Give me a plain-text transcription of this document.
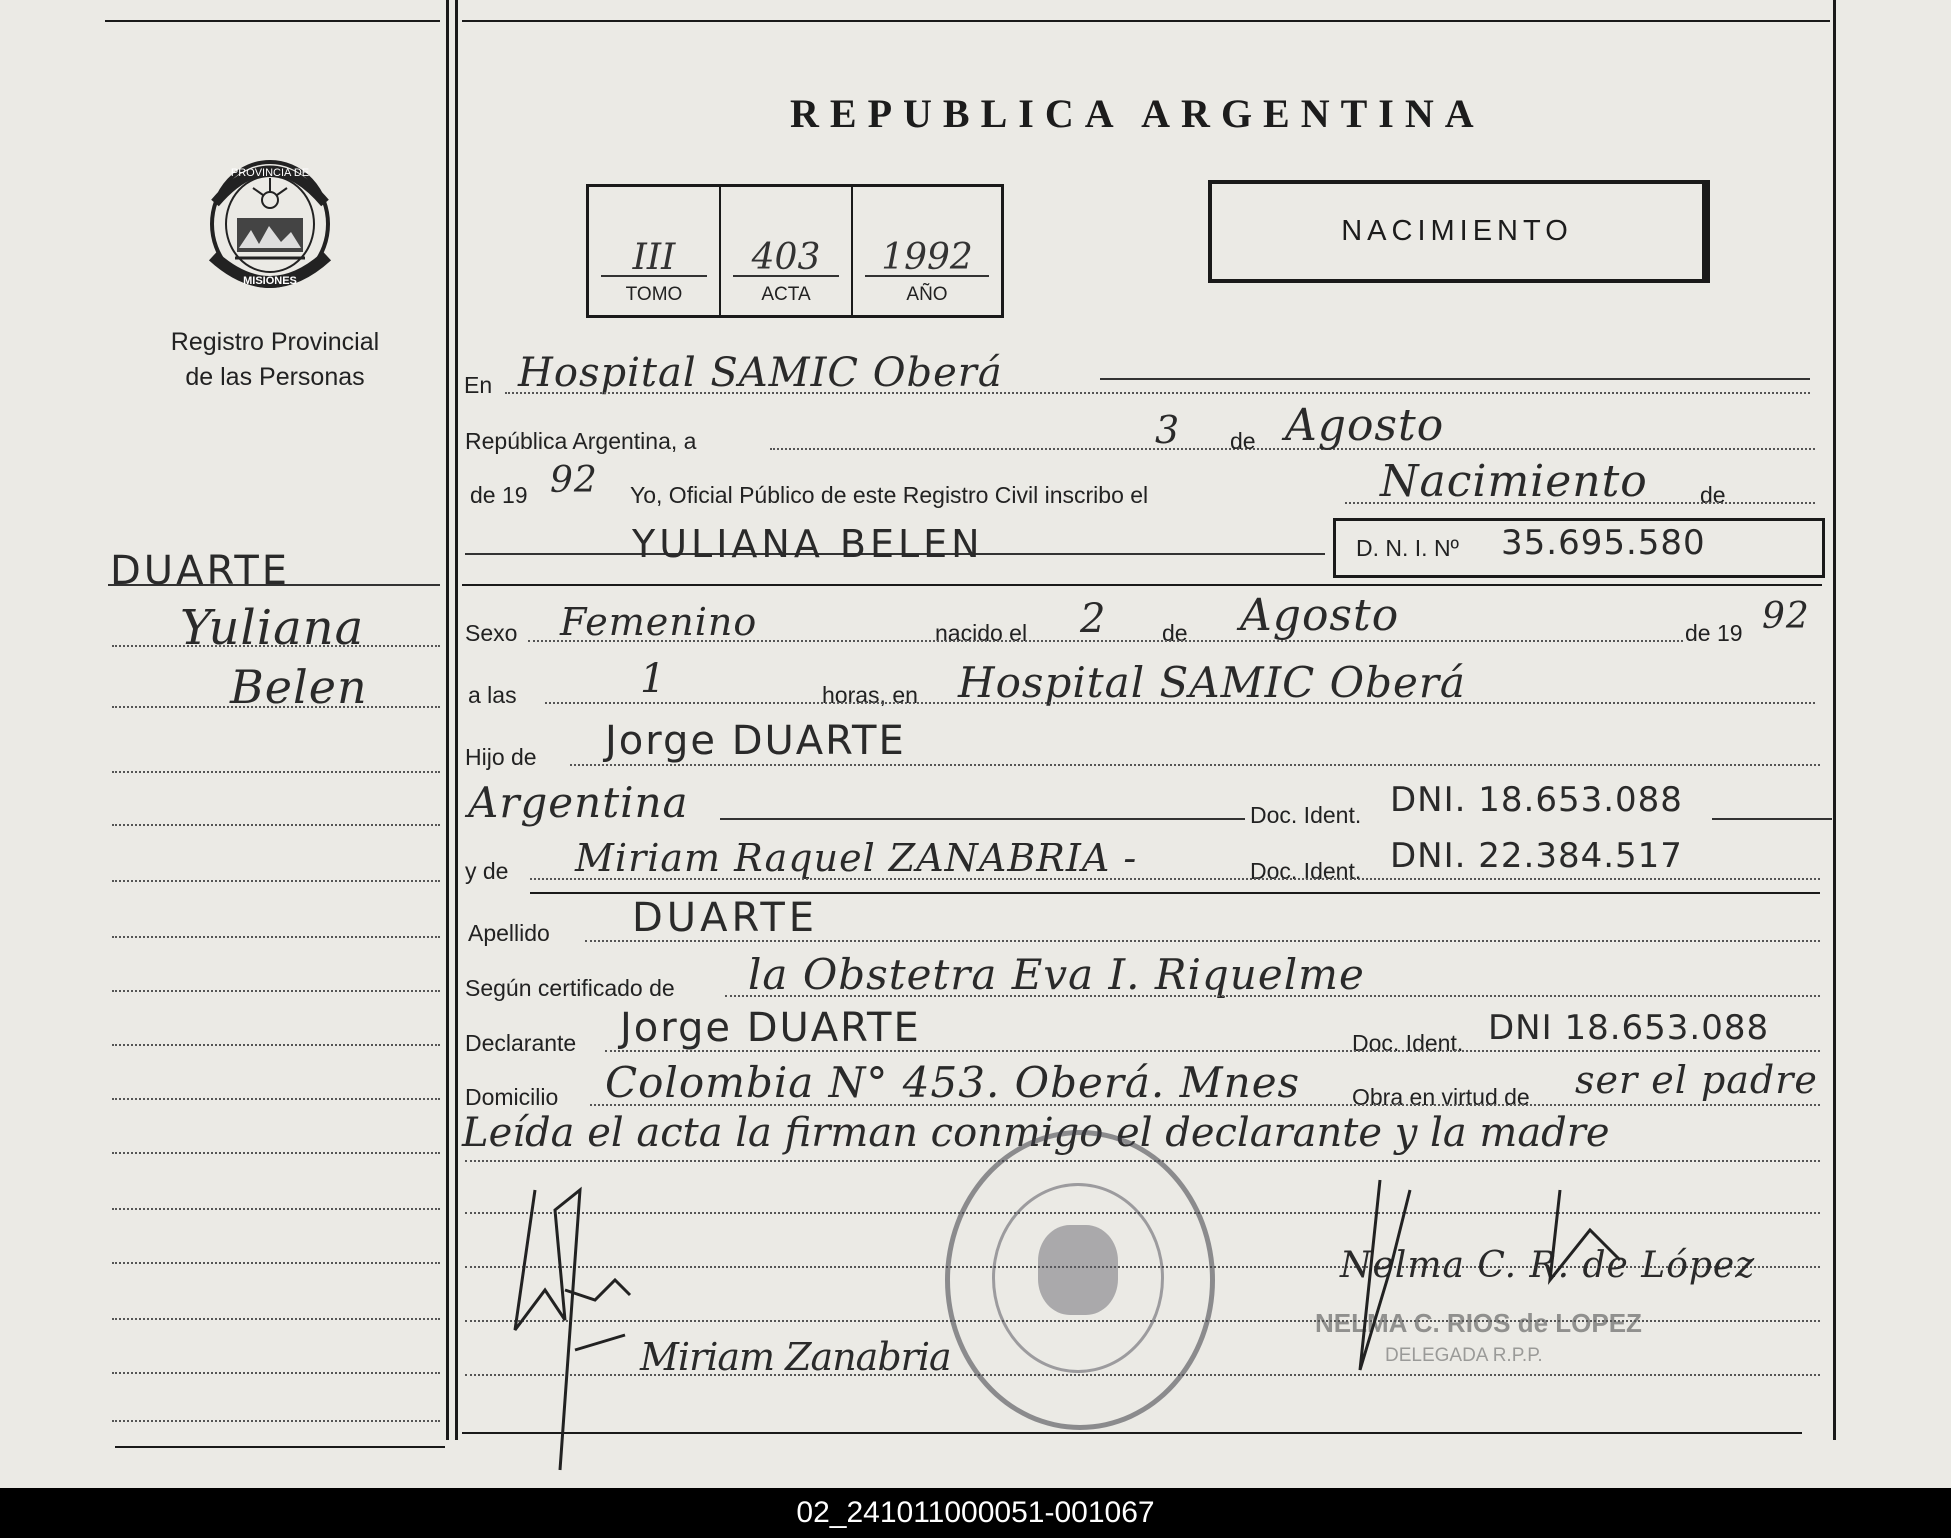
PROVINCIA DE
MISIONES
Registro Provincial
de las Personas
DUARTE
Yuliana
Belen
REPUBLICA ARGENTINA
III
TOMO
403
ACTA
1992
AÑO
NACIMIENTO
En Hospital SAMIC Oberá
República Argentina, a	3 de Agosto
de 19 92 Yo, Oficial Público de este Registro Civil inscribo el	Nacimiento de
YULIANA BELEN	D. N. I. Nº 35.695.580
Sexo Femenino	nacido el 2 de Agosto	de 19 92
a las	1	horas, en Hospital SAMIC Oberá
Hijo de Jorge DUARTE
Argentina	Doc. Ident. DNI. 18.653.088
y de Miriam Raquel ZANABRIA -	Doc. Ident. DNI. 22.384.517
Apellido DUARTE
Según certificado de la Obstetra Eva I. Riquelme
Declarante Jorge DUARTE	Doc. Ident. DNI 18.653.088
Domicilio Colombia N° 453. Oberá. Mnes Obra en virtud de ser el padre
Leída el acta la firman conmigo el declarante y la madre
Miriam Zanabria
NELMA C. RIOS de LOPEZ
DELEGADA R.P.P.
Nelma C. R. de López
02_241011000051-001067
